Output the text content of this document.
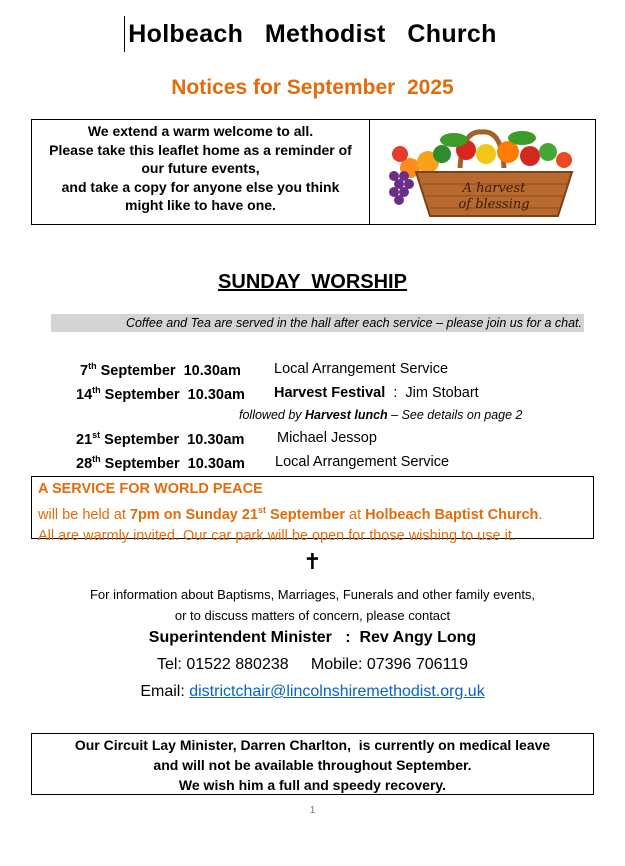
Holbeach   Methodist   Church
Notices for September  2025
We extend a warm welcome to all.
Please take this leaflet home as a reminder of
our future events,
and take a copy for anyone else you think
might like to have one.
A harvest
of blessing
SUNDAY  WORSHIP
Coffee and Tea are served in the hall after each service – please join us for a chat.
7th September  10.30am Local Arrangement Service
14th September  10.30am Harvest Festival  :  Jim Stobart
followed by Harvest lunch – See details on page 2
21st September  10.30am Michael Jessop
28th September  10.30am Local Arrangement Service
A SERVICE FOR WORLD PEACE
will be held at 7pm on Sunday 21st September at Holbeach Baptist Church.
All are warmly invited. Our car park will be open for those wishing to use it.
✝
For information about Baptisms, Marriages, Funerals and other family events,
or to discuss matters of concern, please contact
Superintendent Minister   :  Rev Angy Long
Tel: 01522 880238     Mobile: 07396 706119
Email: districtchair@lincolnshiremethodist.org.uk
Our Circuit Lay Minister, Darren Charlton,  is currently on medical leave
and will not be available throughout September.
We wish him a full and speedy recovery.
1
